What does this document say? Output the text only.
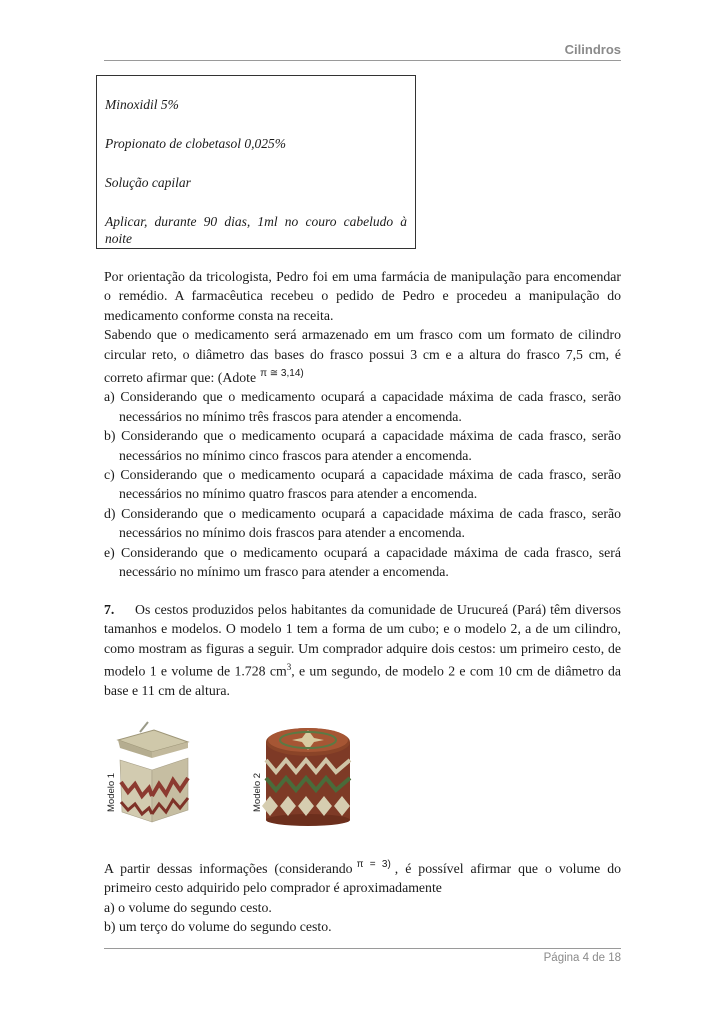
Cilindros

Minoxidil 5%

Propionato de clobetasol 0,025%

Solução capilar

Aplicar, durante 90 dias, 1ml no couro cabeludo à noite

Por orientação da tricologista, Pedro foi em uma farmácia de manipulação para encomendar o remédio. A farmacêutica recebeu o pedido de Pedro e procedeu a manipulação do medicamento conforme consta na receita.

Sabendo que o medicamento será armazenado em um frasco com um formato de cilindro circular reto, o diâmetro das bases do frasco possui 3 cm e a altura do frasco 7,5 cm, é correto afirmar que: (Adote $^{\pi ≅ 3,14)}$

a) Considerando que o medicamento ocupará a capacidade máxima de cada frasco, serão necessários no mínimo três frascos para atender a encomenda.

b) Considerando que o medicamento ocupará a capacidade máxima de cada frasco, serão necessários no mínimo cinco frascos para atender a encomenda.

c) Considerando que o medicamento ocupará a capacidade máxima de cada frasco, serão necessários no mínimo quatro frascos para atender a encomenda.

d) Considerando que o medicamento ocupará a capacidade máxima de cada frasco, serão necessários no mínimo dois frascos para atender a encomenda.

e) Considerando que o medicamento ocupará a capacidade máxima de cada frasco, será necessário no mínimo um frasco para atender a encomenda.

7. Os cestos produzidos pelos habitantes da comunidade de Urucureá (Pará) têm diversos tamanhos e modelos. O modelo 1 tem a forma de um cubo; e o modelo 2, a de um cilindro, como mostram as figuras a seguir. Um comprador adquire dois cestos: um primeiro cesto, de modelo 1 e volume de 1.728 $cm^3$, e um segundo, de modelo 2 e com 10 cm de diâmetro da base e 11 cm de altura.

Modelo 1	Modelo 2

A partir dessas informações (considerando $^{\pi = 3)}$ , é possível afirmar que o volume do primeiro cesto adquirido pelo comprador é aproximadamente

a) o volume do segundo cesto.

b) um terço do volume do segundo cesto.

Página 4 de 18
